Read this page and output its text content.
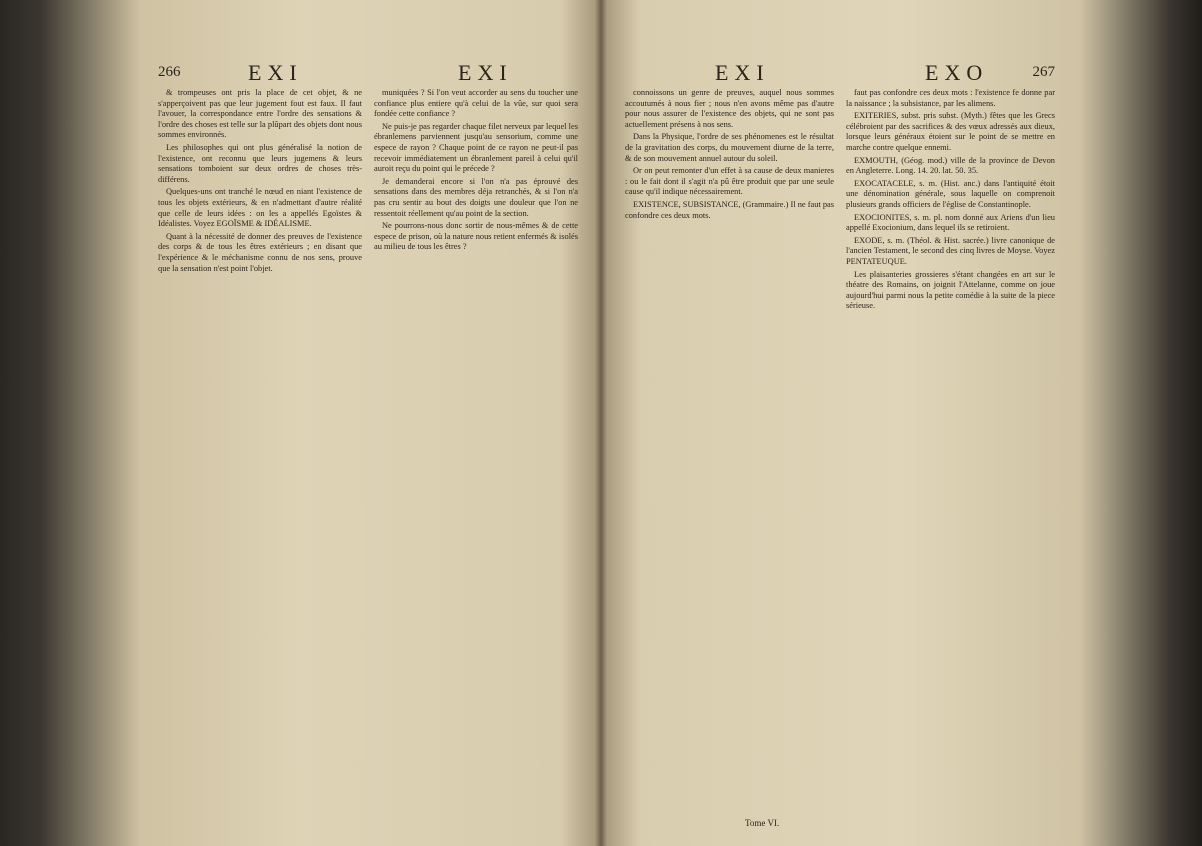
266	EXI	EXI

& trompeuses ont pris la place de cet objet, & ne s'apperçoivent pas que leur jugement fout est faux. Il faut l'avouer, la correspondance entre l'ordre des sensations & l'ordre des choses est telle sur la plûpart des objets dont nous sommes environnés.

Les philosophes qui ont plus généralisé la notion de l'existence, ont reconnu que leurs jugemens & leurs sensations tomboient sur deux ordres de choses très-différens.

Quelques-uns ont tranché le nœud en niant l'existence de tous les objets extérieurs, & en n'admettant d'autre réalité que celle de leurs idées : on les a appellés Egoïstes & Idéalistes. Voyez EGOÏSME & IDÉALISME.

Quant à la nécessité de donner des preuves de l'existence des corps & de tous les êtres extérieurs ; en disant que l'expérience & le méchanisme connu de nos sens, prouve que la sensation n'est point l'objet.

muniquées ? Si l'on veut accorder au sens du toucher une confiance plus entiere qu'à celui de la vûe, sur quoi sera fondée cette confiance ?

Ne puis-je pas regarder chaque filet nerveux par lequel les ébranlemens parviennent jusqu'au sensorium, comme une espece de rayon ? Chaque point de ce rayon ne peut-il pas recevoir immédiatement un ébranlement pareil à celui qu'il auroit reçu du point qui le précede ?

Je demanderai encore si l'on n'a pas éprouvé des sensations dans des membres déja retranchés, & si l'on n'a pas cru sentir au bout des doigts une douleur que l'on ne ressentoit réellement qu'au point de la section.

Ne pourrons-nous donc sortir de nous-mêmes & de cette espece de prison, où la nature nous retient enfermés & isolés au milieu de tous les êtres ?

EXI	EXO	267

connoissons un genre de preuves, auquel nous sommes accoutumés à nous fier ; nous n'en avons même pas d'autre pour nous assurer de l'existence des objets, qui ne sont pas actuellement présens à nos sens.

Dans la Physique, l'ordre de ses phénomenes est le résultat de la gravitation des corps, du mouvement diurne de la terre, & de son mouvement annuel autour du soleil.

Or on peut remonter d'un effet à sa cause de deux manieres : ou le fait dont il s'agit n'a pû être produit que par une seule cause qu'il indique nécessairement.

EXISTENCE, SUBSISTANCE, (Grammaire.) Il ne faut pas confondre ces deux mots.

faut pas confondre ces deux mots : l'existence fe donne par la naissance ; la subsistance, par les alimens.

EXITERIES, subst. pris subst. (Myth.) fêtes que les Grecs célébroient par des sacrifices & des vœux adressés aux dieux, lorsque leurs généraux étoient sur le point de se mettre en marche contre quelque ennemi.

EXMOUTH, (Géog. mod.) ville de la province de Devon en Angleterre. Long. 14. 20. lat. 50. 35.

EXOCATACELE, s. m. (Hist. anc.) dans l'antiquité étoit une dénomination générale, sous laquelle on comprenoit plusieurs grands officiers de l'église de Constantinople.

EXOCIONITES, s. m. pl. nom donné aux Ariens d'un lieu appellé Exocionium, dans lequel ils se retiroient.

EXODE, s. m. (Théol. & Hist. sacrée.) livre canonique de l'ancien Testament, le second des cinq livres de Moyse. Voyez PENTATEUQUE.

Les plaisanteries grossieres s'étant changées en art sur le théatre des Romains, on joignit l'Attelanne, comme on joue aujourd'hui parmi nous la petite comédie à la suite de la piece sérieuse.

Tome VI.
